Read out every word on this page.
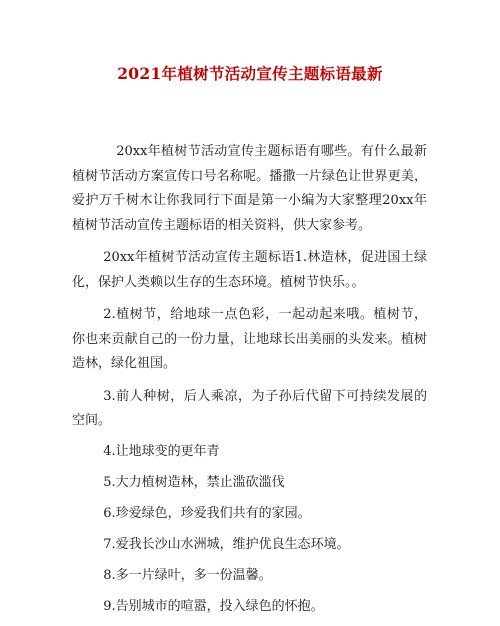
2021年植树节活动宣传主题标语最新

20xx年植树节活动宣传主题标语有哪些。有什么最新植树节活动方案宣传口号名称呢。播撒一片绿色让世界更美，爱护万千树木让你我同行下面是第一小编为大家整理20xx年植树节活动宣传主题标语的相关资料，供大家参考。

20xx年植树节活动宣传主题标语1.林造林，促进国土绿化，保护人类赖以生存的生态环境。植树节快乐。。

2.植树节，给地球一点色彩，一起动起来哦。植树节，你也来贡献自己的一份力量，让地球长出美丽的头发来。植树造林，绿化祖国。

3.前人种树，后人乘凉，为子孙后代留下可持续发展的空间。

4.让地球变的更年青

5.大力植树造林，禁止滥砍滥伐

6.珍爱绿色，珍爱我们共有的家园。

7.爱我长沙山水洲城，维护优良生态环境。

8.多一片绿叶，多一份温馨。

9.告别城市的喧嚣，投入绿色的怀抱。
